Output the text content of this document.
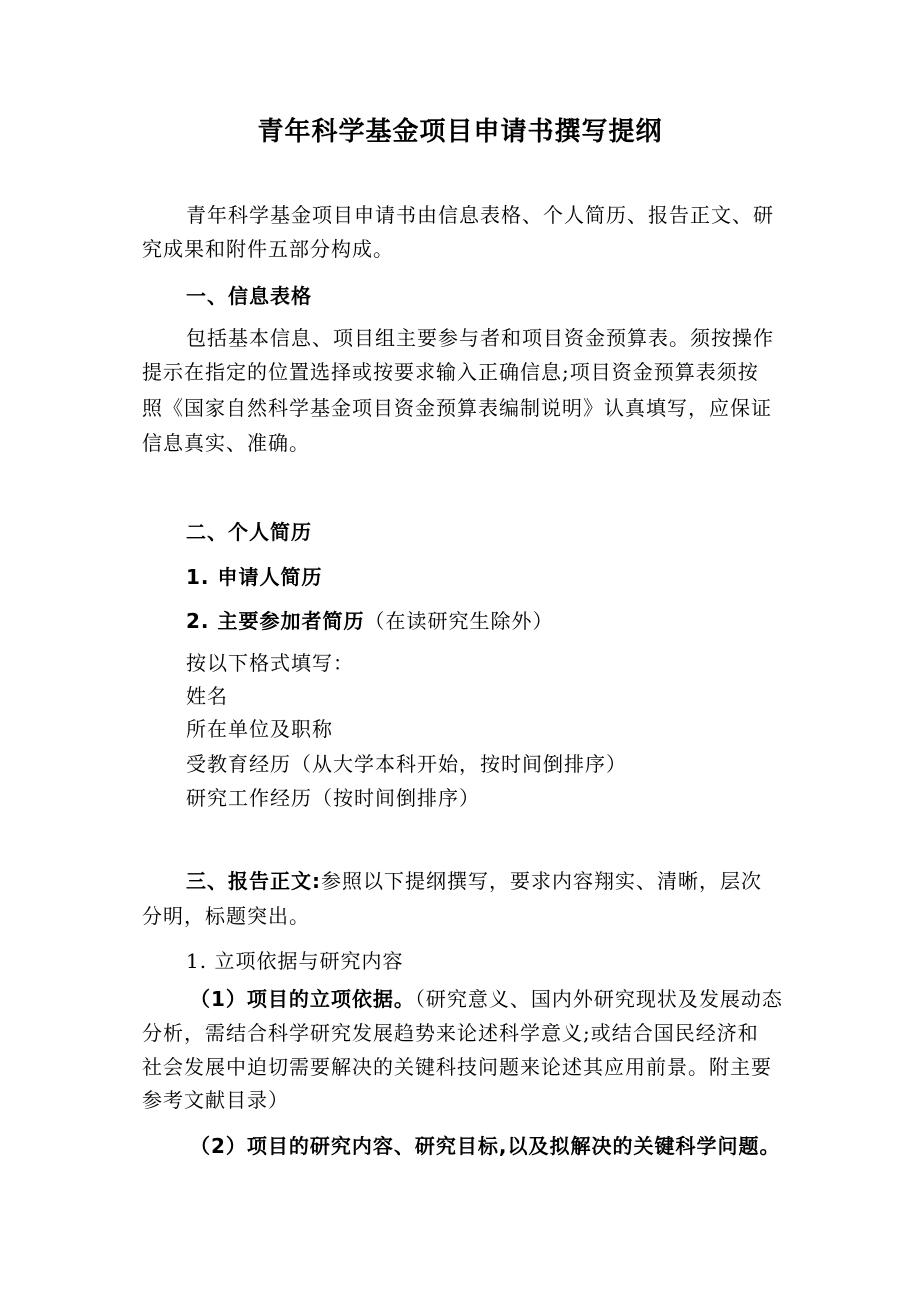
青年科学基金项目申请书撰写提纲
青年科学基金项目申请书由信息表格、个人简历、报告正文、研
究成果和附件五部分构成。
一、信息表格
包括基本信息、项目组主要参与者和项目资金预算表。须按操作
提示在指定的位置选择或按要求输入正确信息;项目资金预算表须按
照《国家自然科学基金项目资金预算表编制说明》认真填写，应保证
信息真实、准确。
二、个人简历
1. 申请人简历
2. 主要参加者简历（在读研究生除外）
按以下格式填写：
姓名
所在单位及职称
受教育经历（从大学本科开始，按时间倒排序）
研究工作经历（按时间倒排序）
三、报告正文:参照以下提纲撰写，要求内容翔实、清晰，层次
分明，标题突出。
1. 立项依据与研究内容
（1）项目的立项依据。（研究意义、国内外研究现状及发展动态
分析，需结合科学研究发展趋势来论述科学意义;或结合国民经济和
社会发展中迫切需要解决的关键科技问题来论述其应用前景。附主要
参考文献目录）
（2）项目的研究内容、研究目标,以及拟解决的关键科学问题。
